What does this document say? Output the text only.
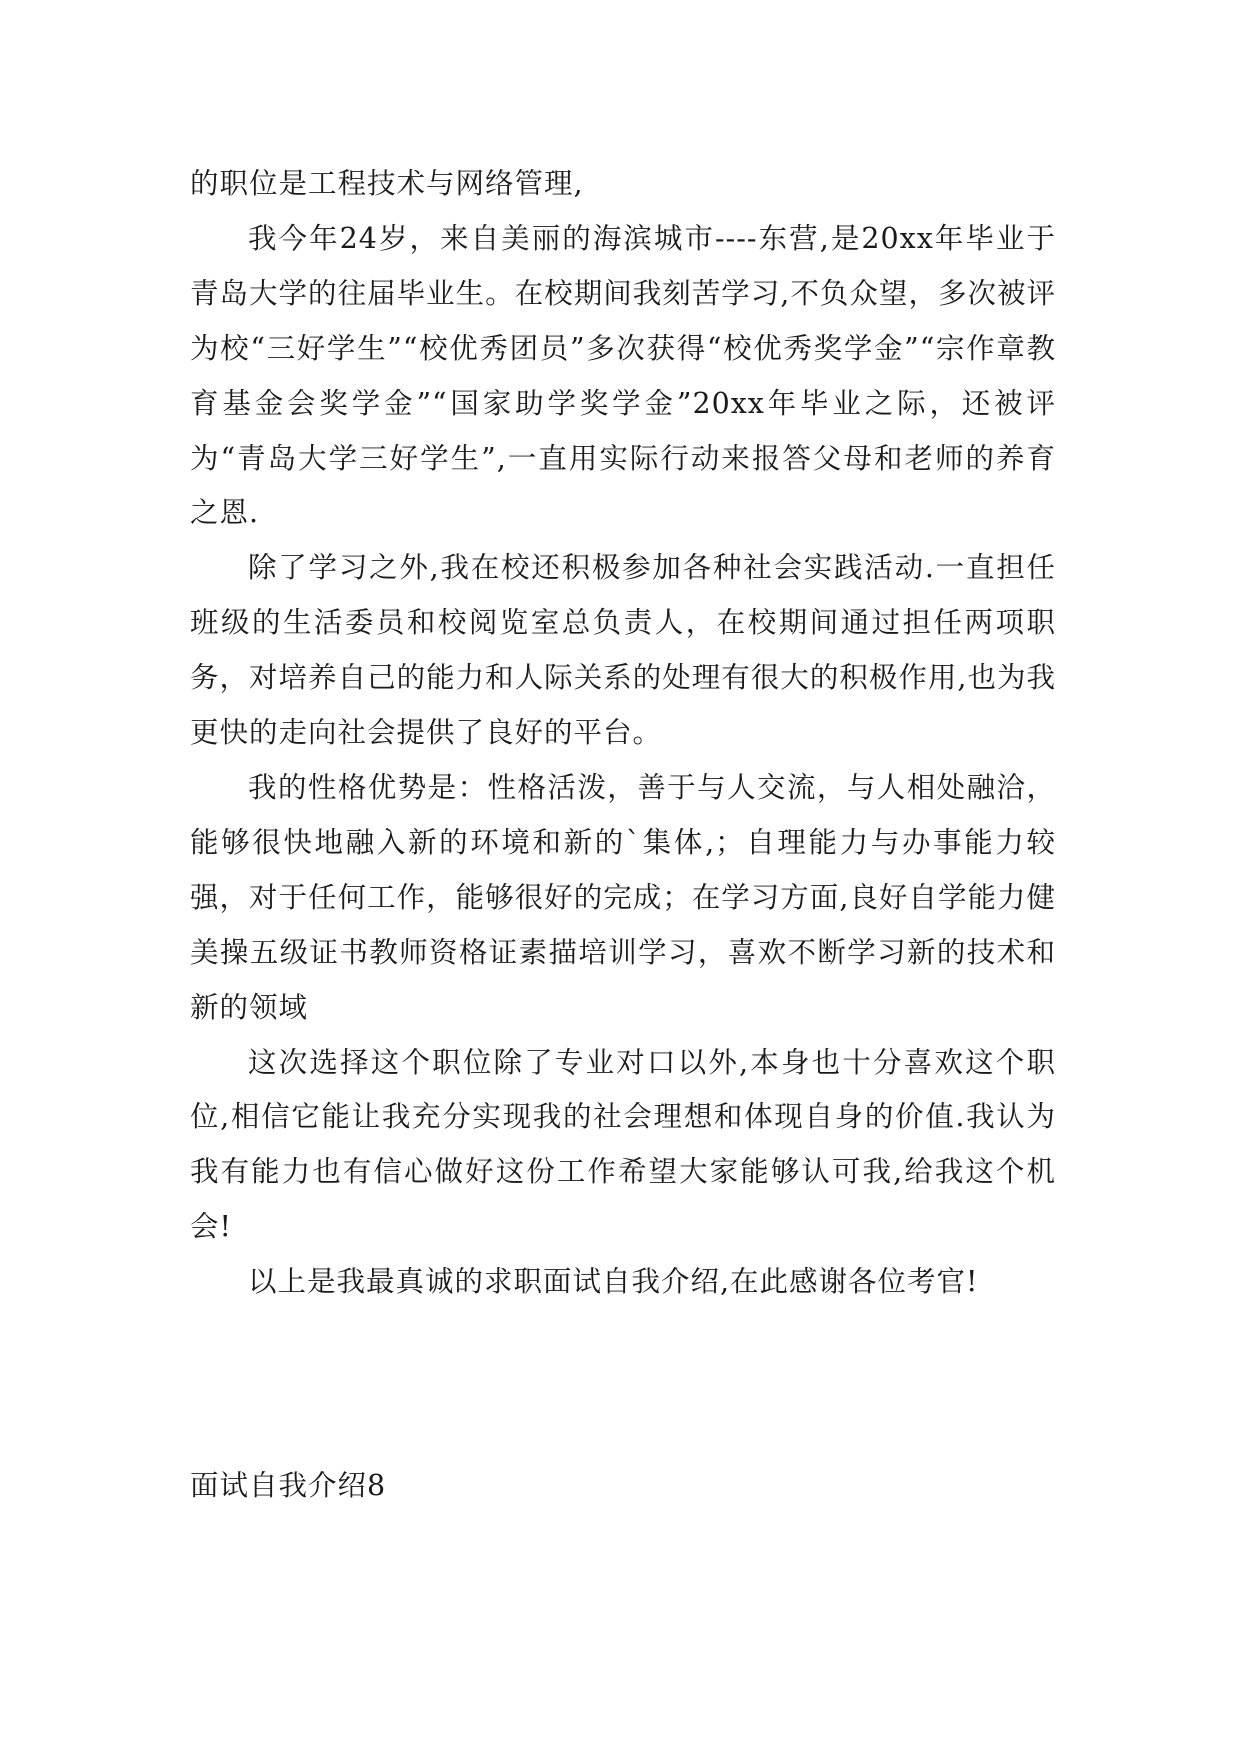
的职位是工程技术与网络管理,

我今年24岁，来自美丽的海滨城市----东营,是20xx年毕业于青岛大学的往届毕业生。在校期间我刻苦学习,不负众望，多次被评为校“三好学生”“校优秀团员”多次获得“校优秀奖学金”“宗作章教育基金会奖学金”“国家助学奖学金”20xx年毕业之际，还被评为“青岛大学三好学生”,一直用实际行动来报答父母和老师的养育之恩.

除了学习之外,我在校还积极参加各种社会实践活动.一直担任班级的生活委员和校阅览室总负责人，在校期间通过担任两项职务，对培养自己的能力和人际关系的处理有很大的积极作用,也为我更快的走向社会提供了良好的平台。

我的性格优势是：性格活泼，善于与人交流，与人相处融洽，能够很快地融入新的环境和新的`集体,；自理能力与办事能力较强，对于任何工作，能够很好的完成；在学习方面,良好自学能力健美操五级证书教师资格证素描培训学习，喜欢不断学习新的技术和新的领域

这次选择这个职位除了专业对口以外,本身也十分喜欢这个职位,相信它能让我充分实现我的社会理想和体现自身的价值.我认为我有能力也有信心做好这份工作希望大家能够认可我,给我这个机会!

以上是我最真诚的求职面试自我介绍,在此感谢各位考官!

面试自我介绍8
